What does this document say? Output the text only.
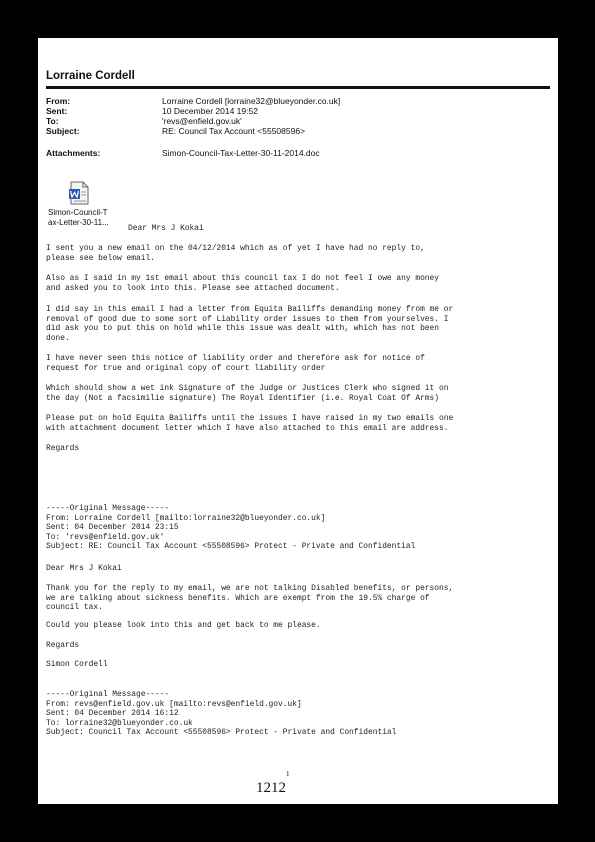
Lorraine Cordell
From:	Lorraine Cordell [lorraine32@blueyonder.co.uk]
Sent:	10 December 2014 19:52
To:	'revs@enfield.gov.uk'
Subject:	RE: Council Tax Account <55508596>
Attachments:	Simon-Council-Tax-Letter-30-11-2014.doc
Simon-Council-T
ax-Letter-30-11...
Dear Mrs J Kokai

I sent you a new email on the 04/12/2014 which as of yet I have had no reply to,

please see below email.

Also as I said in my 1st email about this council tax I do not feel I owe any money

and asked you to look into this. Please see attached document.

I did say in this email I had a letter from Equita Bailiffs demanding money from me or

removal of good due to some sort of Liability order issues to them from yourselves. I

did ask you to put this on hold while this issue was dealt with, which has not been

done.

I have never seen this notice of liability order and therefore ask for notice of

request for true and original copy of court liability order

Which should show a wet ink Signature of the Judge or Justices Clerk who signed it on

the day (Not a facsimilie signature) The Royal Identifier (i.e. Royal Coat Of Arms)

Please put on hold Equita Bailiffs until the issues I have raised in my two emails one

with attachment document letter which I have also attached to this email are address.

Regards

-----Original Message-----

From: Lorraine Cordell [mailto:lorraine32@blueyonder.co.uk]

Sent: 04 December 2014 23:15

To: 'revs@enfield.gov.uk'

Subject: RE: Council Tax Account <55508596> Protect - Private and Confidential

Dear Mrs J Kokai

Thank you for the reply to my email, we are not talking Disabled benefits, or persons,

we are talking about sickness benefits. Which are exempt from the 19.5% charge of

council tax.

Could you please look into this and get back to me please.
Regards
Simon Cordell

-----Original Message-----

From: revs@enfield.gov.uk [mailto:revs@enfield.gov.uk]

Sent: 04 December 2014 16:12

To: lorraine32@blueyonder.co.uk

Subject: Council Tax Account <55508596> Protect - Private and Confidential

1
1212
